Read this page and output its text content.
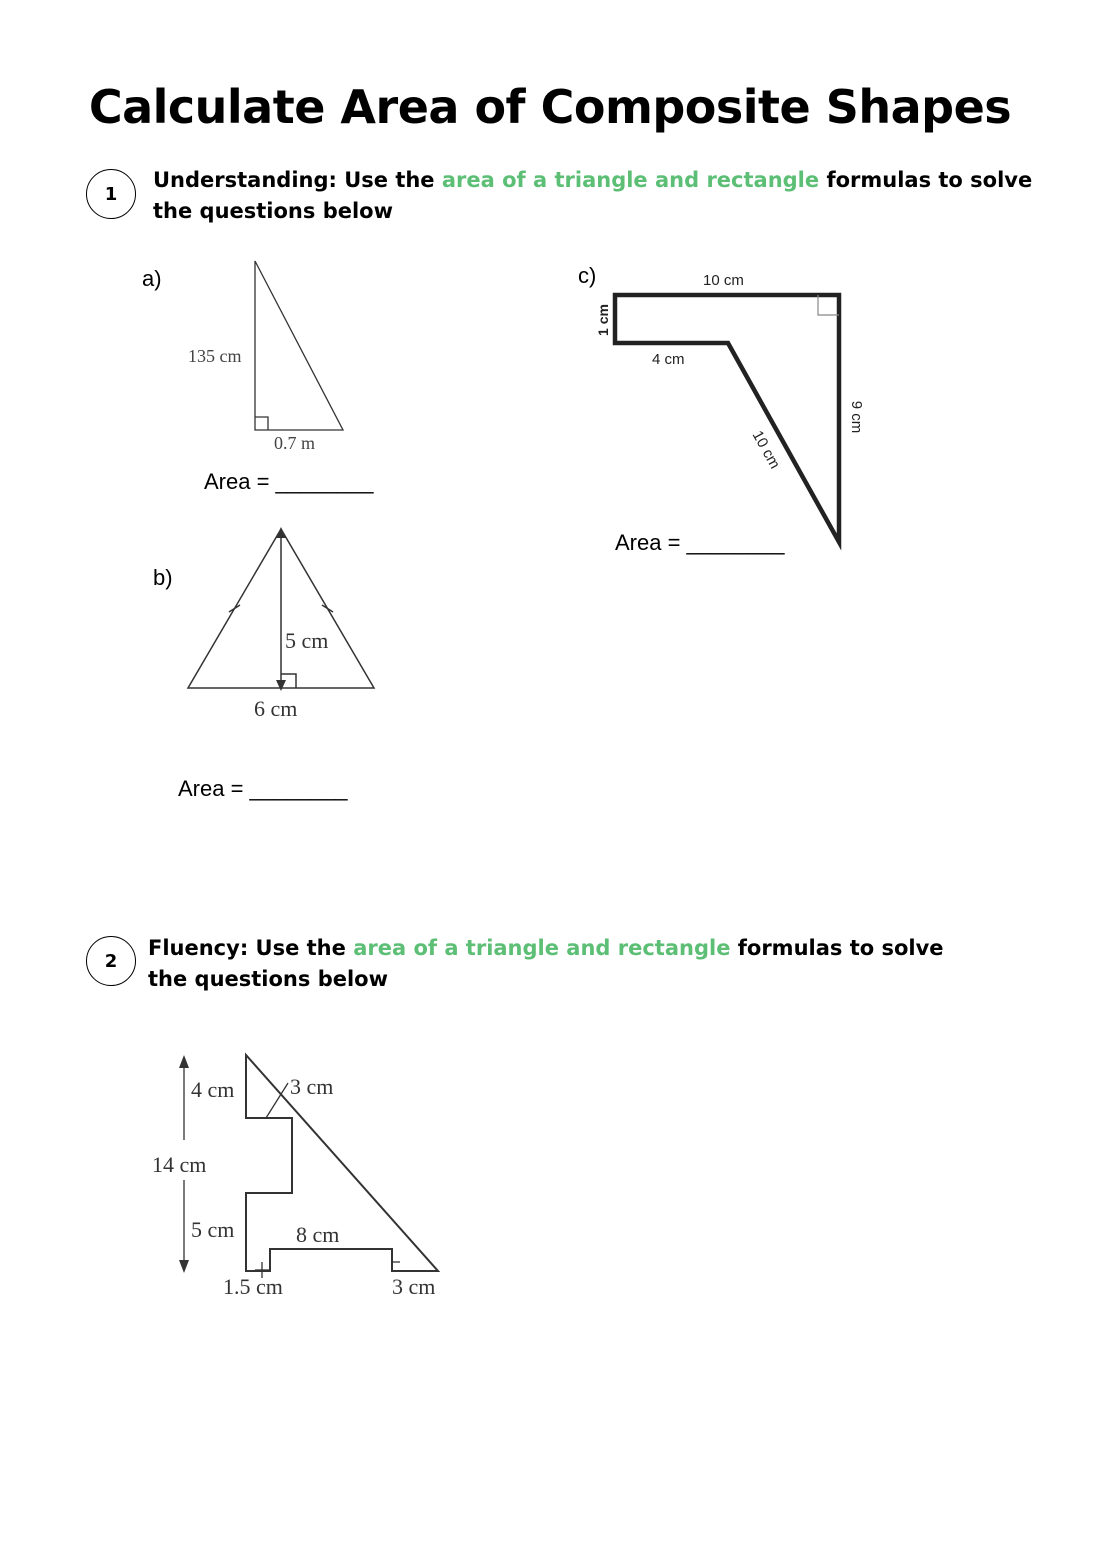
Calculate Area of Composite Shapes
1

Understanding: Use the area of a triangle and rectangle formulas to solve the questions below

a)
135 cm
0.7 m
Area = ________
b)
5 cm
6 cm
Area = ________
c)	10 cm
1 cm
4 cm
9 cm
10 cm
Area = ________
2

Fluency: Use the area of a triangle and rectangle formulas to solve the questions below

4 cm	3 cm
14 cm
5 cm	8 cm
1.5 cm	3 cm
